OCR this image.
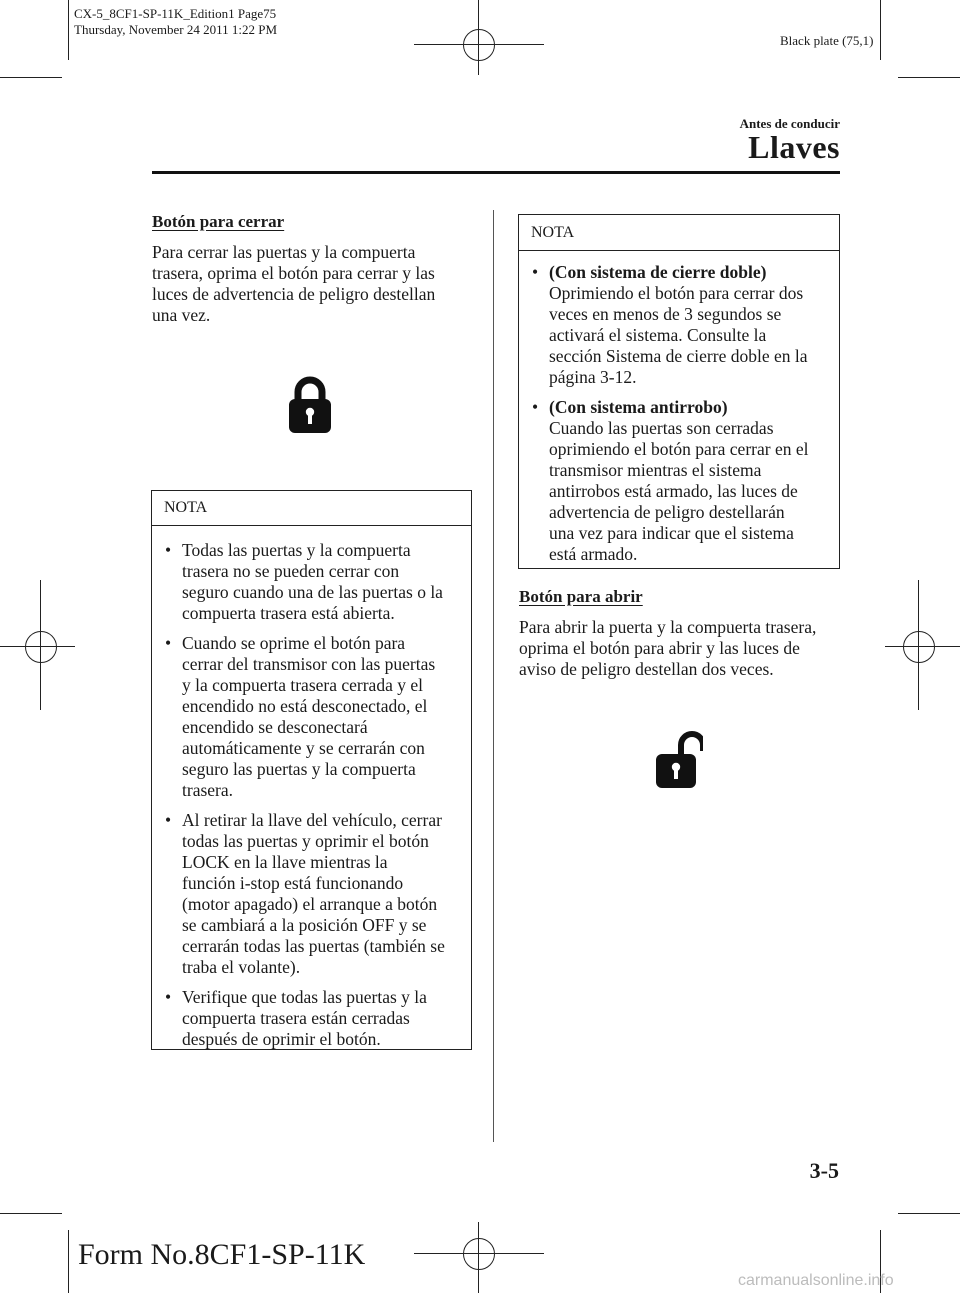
CX-5_8CF1-SP-11K_Edition1 Page75
Thursday, November 24 2011 1:22 PM
Black plate (75,1)
Antes de conducir
Llaves
Botón para cerrar
Para cerrar las puertas y la compuerta
trasera, oprima el botón para cerrar y las
luces de advertencia de peligro destellan
una vez.
NOTA
• Todas las puertas y la compuerta
trasera no se pueden cerrar con
seguro cuando una de las puertas o la
compuerta trasera está abierta.
• Cuando se oprime el botón para
cerrar del transmisor con las puertas
y la compuerta trasera cerrada y el
encendido no está desconectado, el
encendido se desconectará
automáticamente y se cerrarán con
seguro las puertas y la compuerta
trasera.
• Al retirar la llave del vehículo, cerrar
todas las puertas y oprimir el botón
LOCK en la llave mientras la
función i-stop está funcionando
(motor apagado) el arranque a botón
se cambiará a la posición OFF y se
cerrarán todas las puertas (también se
traba el volante).
• Verifique que todas las puertas y la
compuerta trasera están cerradas
después de oprimir el botón.
NOTA
• (Con sistema de cierre doble)
Oprimiendo el botón para cerrar dos
veces en menos de 3 segundos se
activará el sistema. Consulte la
sección Sistema de cierre doble en la
página 3-12.
• (Con sistema antirrobo)
Cuando las puertas son cerradas
oprimiendo el botón para cerrar en el
transmisor mientras el sistema
antirrobos está armado, las luces de
advertencia de peligro destellarán
una vez para indicar que el sistema
está armado.
Botón para abrir
Para abrir la puerta y la compuerta trasera,
oprima el botón para abrir y las luces de
aviso de peligro destellan dos veces.
3-5
Form No.8CF1-SP-11K
carmanualsonline.info
